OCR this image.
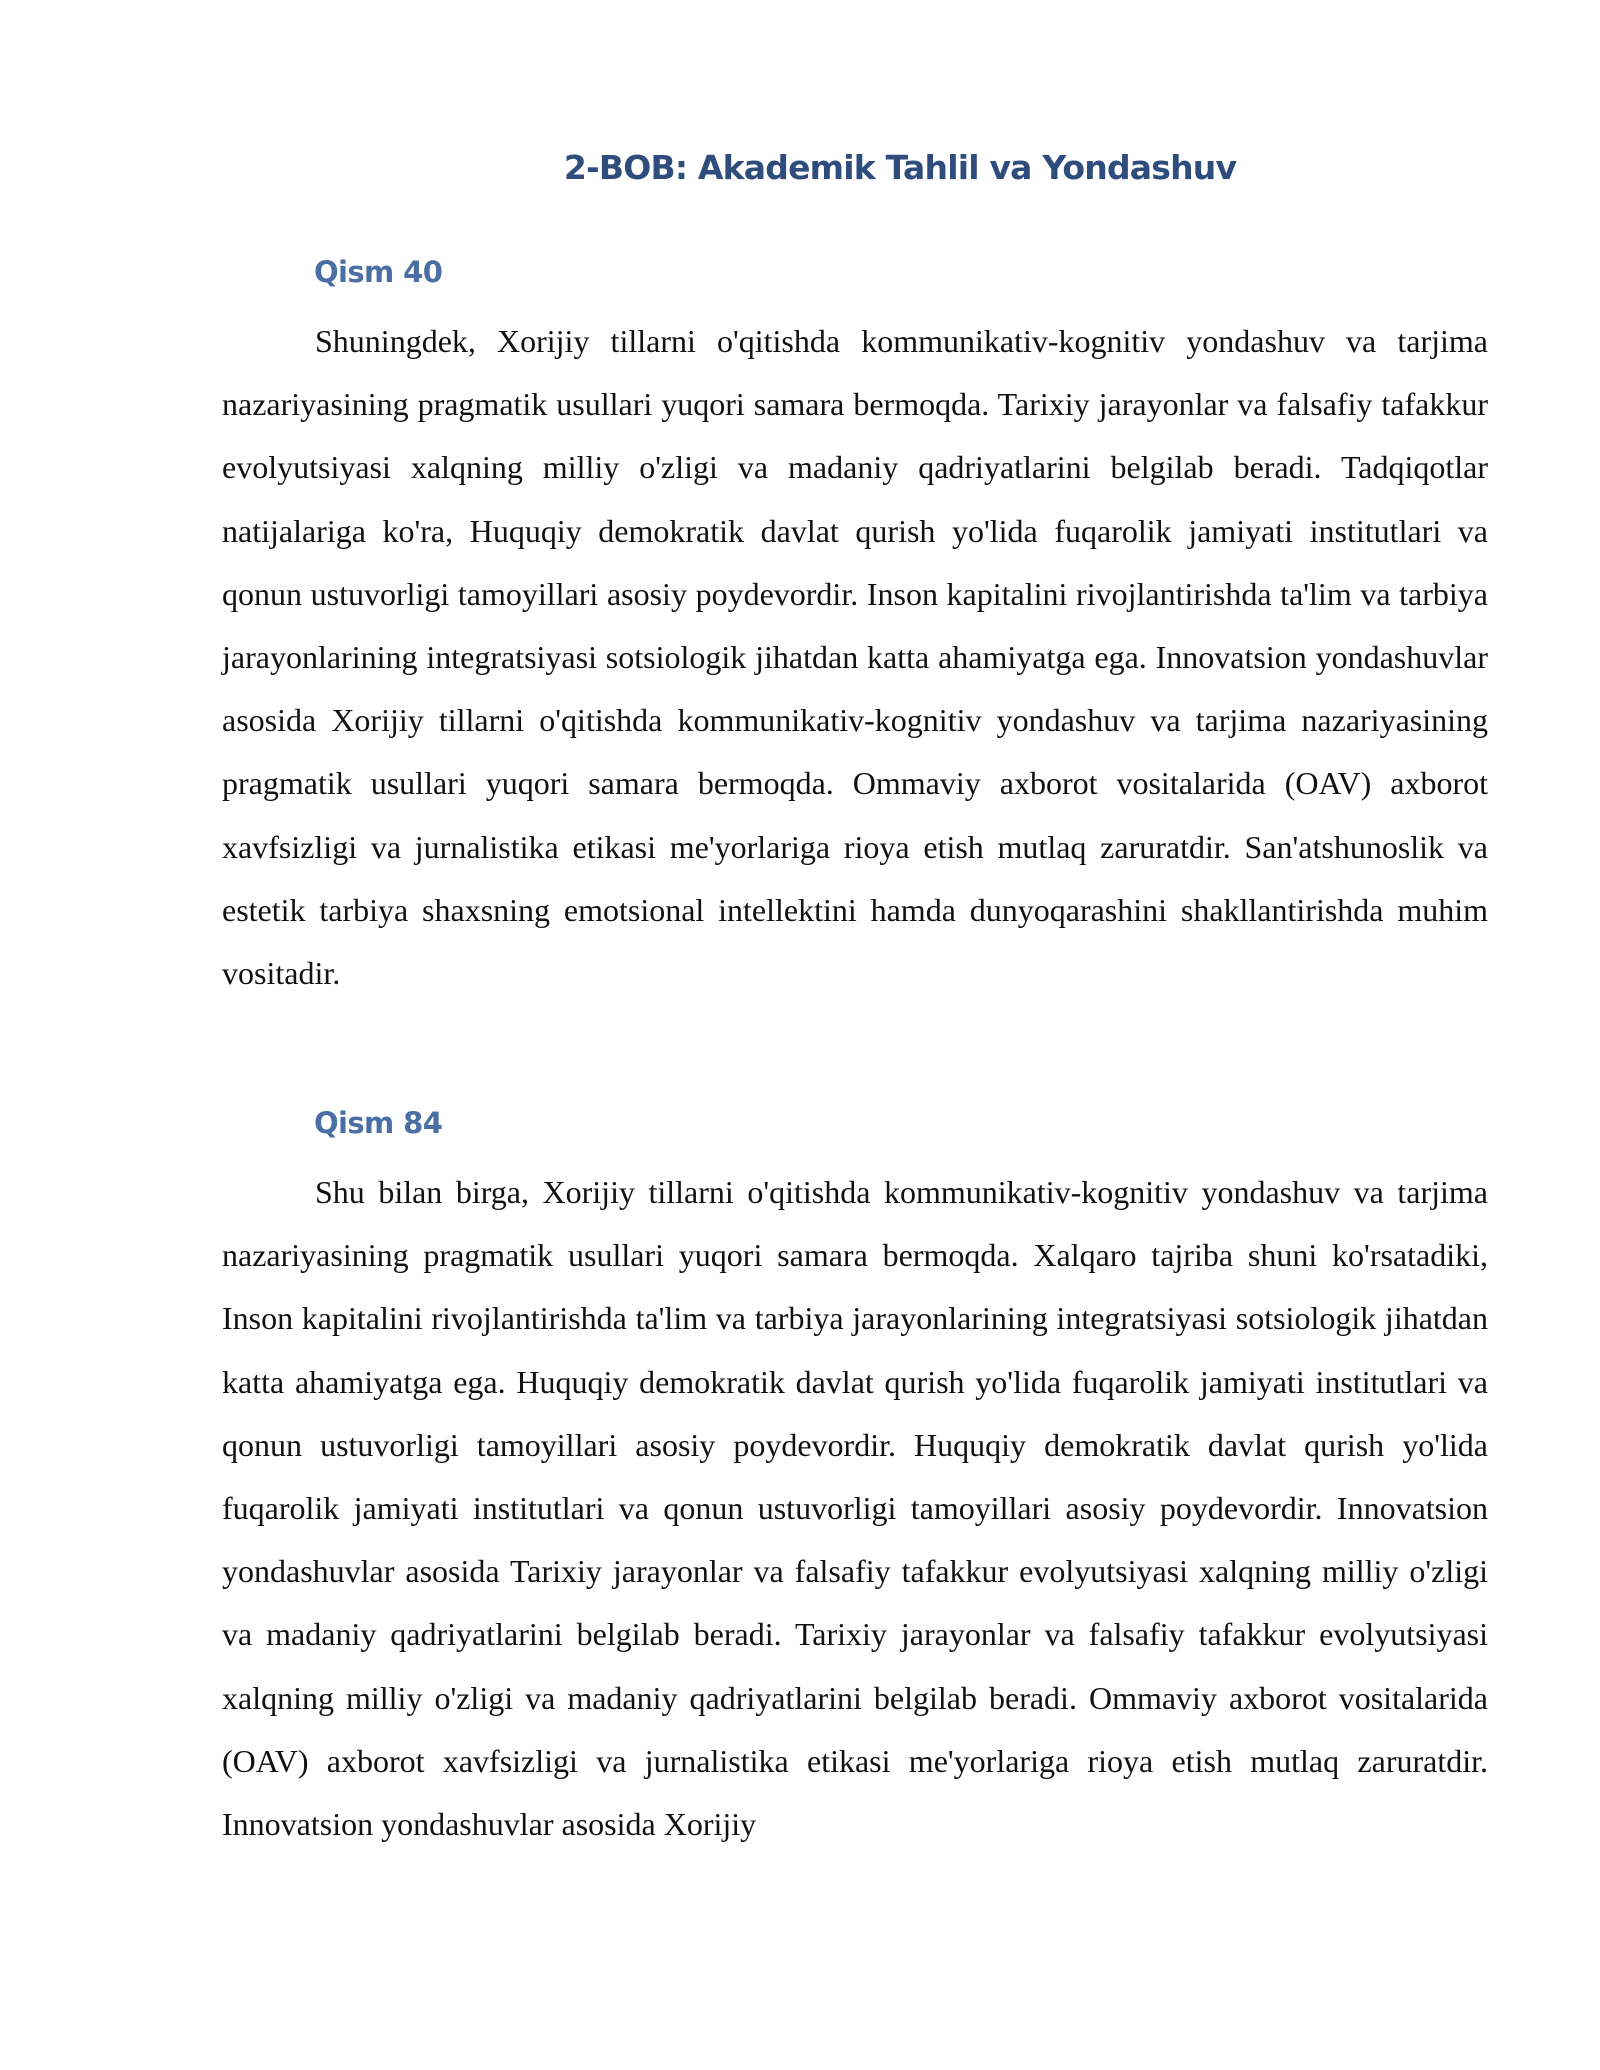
2-BOB: Akademik Tahlil va Yondashuv
Qism 40

Shuningdek, Xorijiy tillarni o'qitishda kommunikativ-kognitiv yondashuv va tarjima nazariyasining pragmatik usullari yuqori samara bermoqda. Tarixiy jarayonlar va falsafiy tafakkur evolyutsiyasi xalqning milliy o'zligi va madaniy qadriyatlarini belgilab beradi. Tadqiqotlar natijalariga ko'ra, Huquqiy demokratik davlat qurish yo'lida fuqarolik jamiyati institutlari va qonun ustuvorligi tamoyillari asosiy poydevordir. Inson kapitalini rivojlantirishda ta'lim va tarbiya jarayonlarining integratsiyasi sotsiologik jihatdan katta ahamiyatga ega. Innovatsion yondashuvlar asosida Xorijiy tillarni o'qitishda kommunikativ-kognitiv yondashuv va tarjima nazariyasining pragmatik usullari yuqori samara bermoqda. Ommaviy axborot vositalarida (OAV) axborot xavfsizligi va jurnalistika etikasi me'yorlariga rioya etish mutlaq zaruratdir. San'atshunoslik va estetik tarbiya shaxsning emotsional intellektini hamda dunyoqarashini shakllantirishda muhim vositadir.

Qism 84

Shu bilan birga, Xorijiy tillarni o'qitishda kommunikativ-kognitiv yondashuv va tarjima nazariyasining pragmatik usullari yuqori samara bermoqda. Xalqaro tajriba shuni ko'rsatadiki, Inson kapitalini rivojlantirishda ta'lim va tarbiya jarayonlarining integratsiyasi sotsiologik jihatdan katta ahamiyatga ega. Huquqiy demokratik davlat qurish yo'lida fuqarolik jamiyati institutlari va qonun ustuvorligi tamoyillari asosiy poydevordir. Huquqiy demokratik davlat qurish yo'lida fuqarolik jamiyati institutlari va qonun ustuvorligi tamoyillari asosiy poydevordir. Innovatsion yondashuvlar asosida Tarixiy jarayonlar va falsafiy tafakkur evolyutsiyasi xalqning milliy o'zligi va madaniy qadriyatlarini belgilab beradi. Tarixiy jarayonlar va falsafiy tafakkur evolyutsiyasi xalqning milliy o'zligi va madaniy qadriyatlarini belgilab beradi. Ommaviy axborot vositalarida (OAV) axborot xavfsizligi va jurnalistika etikasi me'yorlariga rioya etish mutlaq zaruratdir. Innovatsion yondashuvlar asosida Xorijiy
